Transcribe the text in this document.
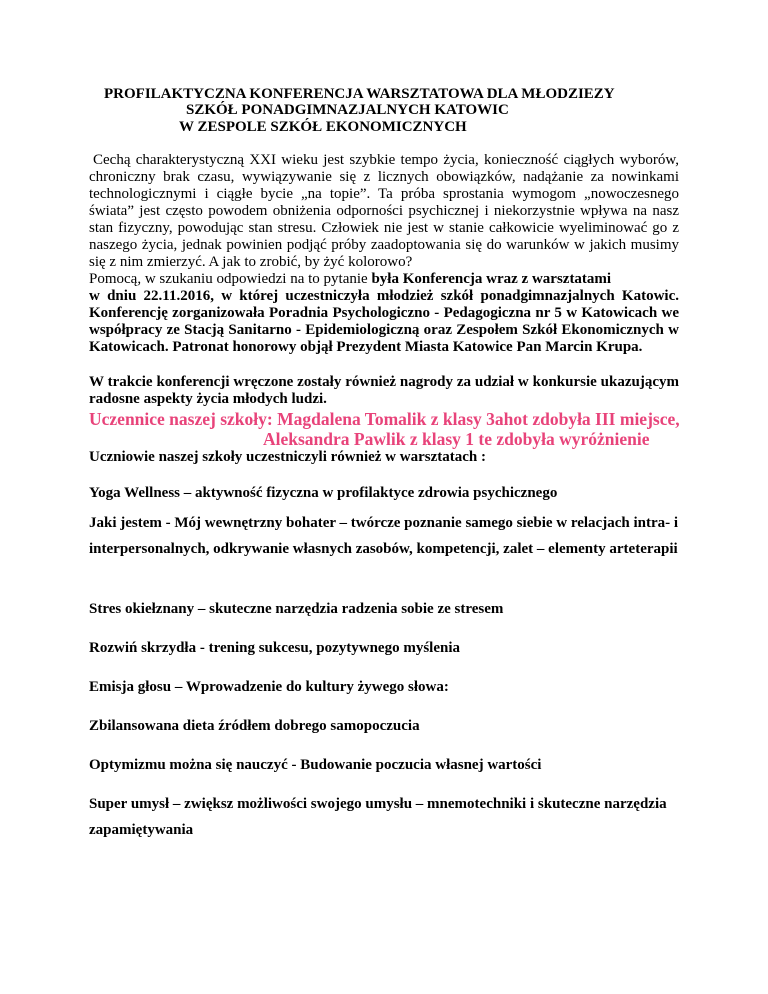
PROFILAKTYCZNA KONFERENCJA WARSZTATOWA DLA MŁODZIEZY
SZKÓŁ PONADGIMNAZJALNYCH KATOWIC
W ZESPOLE SZKÓŁ EKONOMICZNYCH
Cechą charakterystyczną XXI wieku jest szybkie tempo życia, konieczność ciągłych wyborów, chroniczny brak czasu, wywiązywanie się z licznych obowiązków, nadążanie za nowinkami technologicznymi i ciągłe bycie „na topie”. Ta próba sprostania wymogom „nowoczesnego świata” jest często powodem obniżenia odporności psychicznej i niekorzystnie wpływa na nasz stan fizyczny, powodując stan stresu. Człowiek nie jest w stanie całkowicie wyeliminować go z naszego życia, jednak powinien podjąć próby zaadoptowania się do warunków w jakich musimy się z nim zmierzyć. A jak to zrobić, by żyć kolorowo?
Pomocą, w szukaniu odpowiedzi na to pytanie była Konferencja wraz z warsztatami
w dniu 22.11.2016, w której uczestniczyła młodzież szkół ponadgimnazjalnych Katowic. Konferencję zorganizowała Poradnia Psychologiczno - Pedagogiczna nr 5 w Katowicach we współpracy ze Stacją Sanitarno - Epidemiologiczną oraz Zespołem Szkół Ekonomicznych w Katowicach. Patronat honorowy objął Prezydent Miasta Katowice Pan Marcin Krupa.
W trakcie konferencji wręczone zostały również nagrody za udział w konkursie ukazującym radosne aspekty życia młodych ludzi.
Uczennice naszej szkoły: Magdalena Tomalik z klasy 3ahot zdobyła III miejsce,
Aleksandra Pawlik z klasy 1 te zdobyła wyróżnienie
Uczniowie naszej szkoły uczestniczyli również w warsztatach :
Yoga Wellness – aktywność fizyczna w profilaktyce zdrowia psychicznego
Jaki jestem - Mój wewnętrzny bohater – twórcze poznanie samego siebie w relacjach intra- i interpersonalnych, odkrywanie własnych zasobów, kompetencji, zalet – elementy arteterapii
Stres okiełznany – skuteczne narzędzia radzenia sobie ze stresem
Rozwiń skrzydła - trening sukcesu, pozytywnego myślenia
Emisja głosu – Wprowadzenie do kultury żywego słowa:
Zbilansowana dieta źródłem dobrego samopoczucia
Optymizmu można się nauczyć - Budowanie poczucia własnej wartości
Super umysł – zwiększ możliwości swojego umysłu – mnemotechniki i skuteczne narzędzia zapamiętywania
